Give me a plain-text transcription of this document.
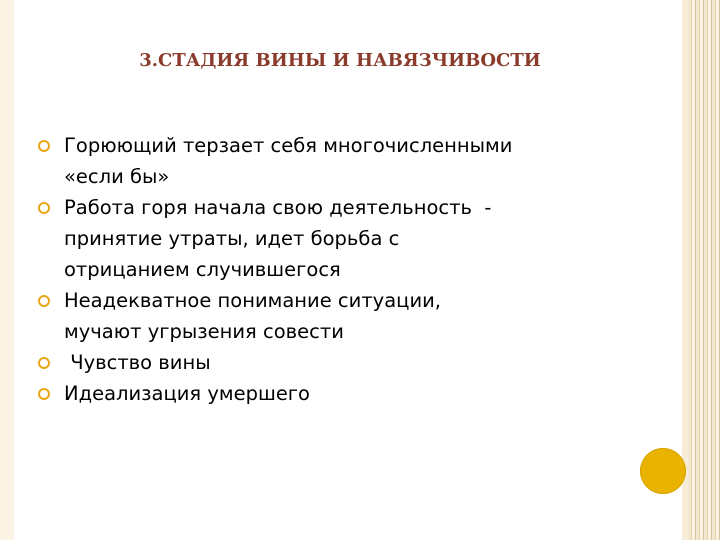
3.СТАДИЯ ВИНЫ И НАВЯЗЧИВОСТИ
Горюющий терзает себя многочисленными
«если бы»
Работа горя начала свою деятельность  -
принятие утраты, идет борьба с
отрицанием случившегося
Неадекватное понимание ситуации,
мучают угрызения совести
Чувство вины
Идеализация умершего
